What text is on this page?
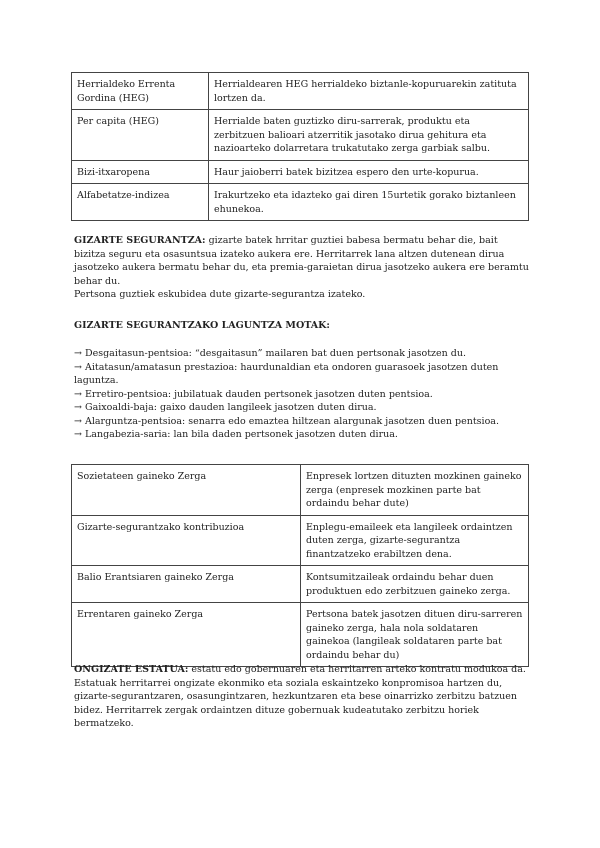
Herrialdeko Errenta Gordina (HEG)	Herrialdearen HEG herrialdeko biztanle-kopuruarekin zatituta lortzen da.
Per capita (HEG)	Herrialde baten guztizko diru-sarrerak, produktu eta zerbitzuen balioari atzerritik jasotako dirua gehitura eta nazioarteko dolarretara trukatutako zerga garbiak salbu.
Bizi-itxaropena	Haur jaioberri batek bizitzea espero den urte-kopurua.
Alfabetatze-indizea	Irakurtzeko eta idazteko gai diren 15urtetik gorako biztanleen ehunekoa.

GIZARTE SEGURANTZA: gizarte batek hrritar guztiei babesa bermatu behar die, bait bizitza seguru eta osasuntsua izateko aukera ere. Herritarrek lana altzen dutenean dirua jasotzeko aukera bermatu behar du, eta premia-garaietan dirua jasotzeko aukera ere beramtu behar du.

Pertsona guztiek eskubidea dute gizarte-segurantza izateko.

GIZARTE SEGURANTZAKO LAGUNTZA MOTAK:

→ Desgaitasun-pentsioa: “desgaitasun” mailaren bat duen pertsonak jasotzen du.
→ Aitatasun/amatasun prestazioa: haurdunaldian eta ondoren guarasoek jasotzen duten laguntza.
→ Erretiro-pentsioa: jubilatuak dauden pertsonek jasotzen duten pentsioa.
→ Gaixoaldi-baja: gaixo dauden langileek jasotzen duten dirua.
→ Alarguntza-pentsioa: senarra edo emaztea hiltzean alargunak jasotzen duen pentsioa.
→ Langabezia-saria: lan bila daden pertsonek jasotzen duten dirua.
Sozietateen gaineko Zerga	Enpresek lortzen dituzten mozkinen gaineko zerga (enpresek mozkinen parte bat ordaindu behar dute)
Gizarte-segurantzako kontribuzioa	Enplegu-emaileek eta langileek ordaintzen duten zerga, gizarte-segurantza finantzatzeko erabiltzen dena.
Balio Erantsiaren gaineko Zerga	Kontsumitzaileak ordaindu behar duen produktuen edo zerbitzuen gaineko zerga.
Errentaren gaineko Zerga	Pertsona batek jasotzen dituen diru-sarreren gaineko zerga, hala nola soldataren gainekoa (langileak soldataren parte bat ordaindu behar du)

ONGIZATE ESTATUA: estatu edo gobernuaren eta herritarren arteko kontratu modukoa da. Estatuak herritarrei ongizate ekonmiko eta soziala eskaintzeko konpromisoa hartzen du, gizarte-segurantzaren, osasungintzaren, hezkuntzaren eta bese oinarrizko zerbitzu batzuen bidez. Herritarrek zergak ordaintzen dituze gobernuak kudeatutako zerbitzu horiek bermatzeko.
